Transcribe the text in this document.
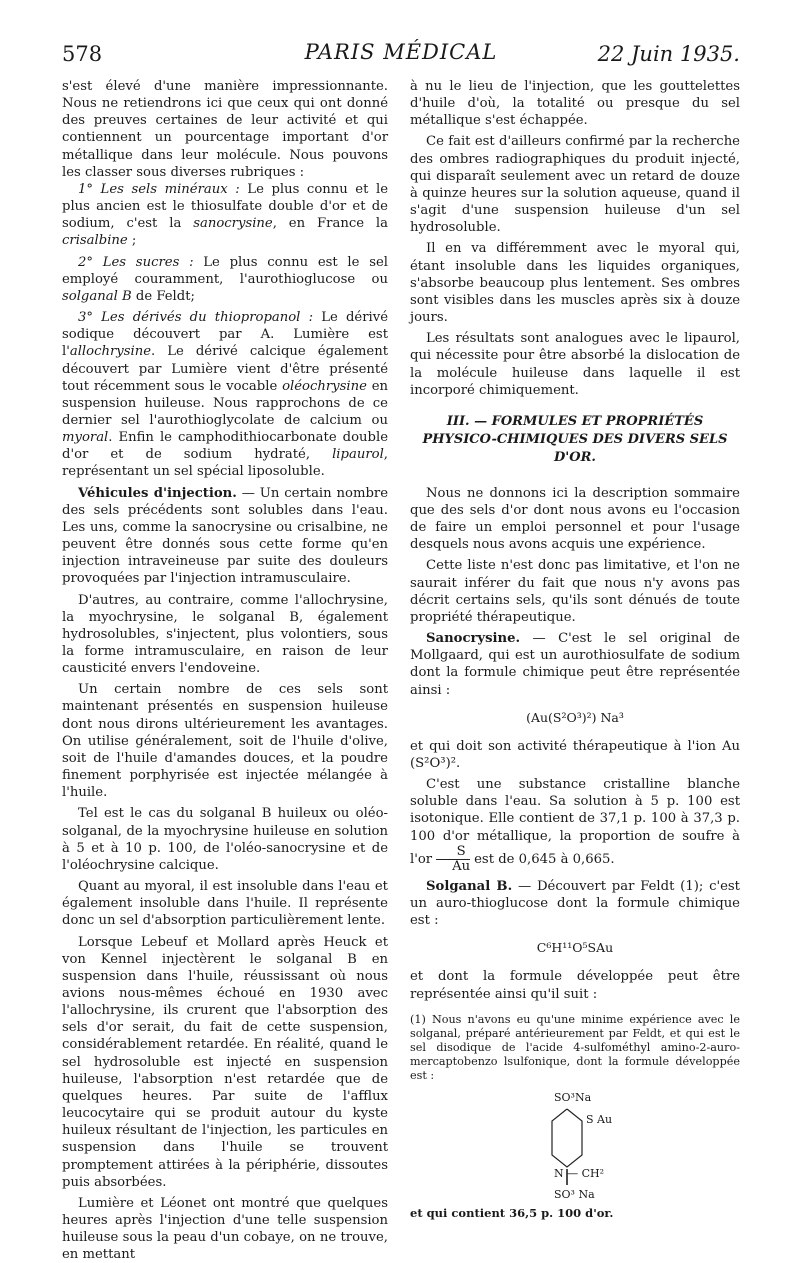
578	PARIS MÉDICAL	22 Juin 1935.

s'est élevé d'une manière impressionnante. Nous ne retiendrons ici que ceux qui ont donné des preuves certaines de leur activité et qui contiennent un pourcentage important d'or métallique dans leur molécule. Nous pouvons les classer sous diverses rubriques :

1° Les sels minéraux : Le plus connu et le plus ancien est le thiosulfate double d'or et de sodium, c'est la sanocrysine, en France la crisalbine ;

2° Les sucres : Le plus connu est le sel employé couramment, l'aurothioglucose ou solganal B de Feldt;

3° Les dérivés du thiopropanol : Le dérivé sodique découvert par A. Lumière est l'allochrysine. Le dérivé calcique également découvert par Lumière vient d'être présenté tout récemment sous le vocable oléochrysine en suspension huileuse. Nous rapprochons de ce dernier sel l'aurothioglycolate de calcium ou myoral. Enfin le camphodithiocarbonate double d'or et de sodium hydraté, lipaurol, représentant un sel spécial liposoluble.

Véhicules d'injection. — Un certain nombre des sels précédents sont solubles dans l'eau. Les uns, comme la sanocrysine ou crisalbine, ne peuvent être donnés sous cette forme qu'en injection intraveineuse par suite des douleurs provoquées par l'injection intramusculaire.

D'autres, au contraire, comme l'allochrysine, la myochrysine, le solganal B, également hydrosolubles, s'injectent, plus volontiers, sous la forme intramusculaire, en raison de leur causticité envers l'endoveine.

Un certain nombre de ces sels sont maintenant présentés en suspension huileuse dont nous dirons ultérieurement les avantages. On utilise généralement, soit de l'huile d'olive, soit de l'huile d'amandes douces, et la poudre finement porphyrisée est injectée mélangée à l'huile.

Tel est le cas du solganal B huileux ou oléo-solganal, de la myochrysine huileuse en solution à 5 et à 10 p. 100, de l'oléo-sanocrysine et de l'oléochrysine calcique.

Quant au myoral, il est insoluble dans l'eau et également insoluble dans l'huile. Il représente donc un sel d'absorption particulièrement lente.

Lorsque Lebeuf et Mollard après Heuck et von Kennel injectèrent le solganal B en suspension dans l'huile, réussissant où nous avions nous-mêmes échoué en 1930 avec l'allochrysine, ils crurent que l'absorption des sels d'or serait, du fait de cette suspension, considérablement retardée. En réalité, quand le sel hydrosoluble est injecté en suspension huileuse, l'absorption n'est retardée que de quelques heures. Par suite de l'afflux leucocytaire qui se produit autour du kyste huileux résultant de l'injection, les particules en suspension dans l'huile se trouvent promptement attirées à la périphérie, dissoutes puis absorbées.

Lumière et Léonet ont montré que quelques heures après l'injection d'une telle suspension huileuse sous la peau d'un cobaye, on ne trouve, en mettant

à nu le lieu de l'injection, que les gouttelettes d'huile d'où, la totalité ou presque du sel métallique s'est échappée.

Ce fait est d'ailleurs confirmé par la recherche des ombres radiographiques du produit injecté, qui disparaît seulement avec un retard de douze à quinze heures sur la solution aqueuse, quand il s'agit d'une suspension huileuse d'un sel hydrosoluble.

Il en va différemment avec le myoral qui, étant insoluble dans les liquides organiques, s'absorbe beaucoup plus lentement. Ses ombres sont visibles dans les muscles après six à douze jours.

Les résultats sont analogues avec le lipaurol, qui nécessite pour être absorbé la dislocation de la molécule huileuse dans laquelle il est incorporé chimiquement.

III. — FORMULES ET PROPRIÉTÉS PHYSICO-CHIMIQUES DES DIVERS SELS D'OR.

Nous ne donnons ici la description sommaire que des sels d'or dont nous avons eu l'occasion de faire un emploi personnel et pour l'usage desquels nous avons acquis une expérience.

Cette liste n'est donc pas limitative, et l'on ne saurait inférer du fait que nous n'y avons pas décrit certains sels, qu'ils sont dénués de toute propriété thérapeutique.

Sanocrysine. — C'est le sel original de Mollgaard, qui est un aurothiosulfate de sodium dont la formule chimique peut être représentée ainsi :

(Au(S²O³)²) Na³

et qui doit son activité thérapeutique à l'ion Au (S²O³)².

C'est une substance cristalline blanche soluble dans l'eau. Sa solution à 5 p. 100 est isotonique. Elle contient de 37,1 p. 100 à 37,3 p. 100 d'or métallique, la proportion de soufre à $l'or \frac{S}{Au}$ est de 0,645 à 0,665.

Solganal B. — Découvert par Feldt (1); c'est un auro-thioglucose dont la formule chimique est :

C⁶H¹¹O⁵SAu

et dont la formule développée peut être représentée ainsi qu'il suit :

(1) Nous n'avons eu qu'une minime expérience avec le solganal, préparé antérieurement par Feldt, et qui est le sel disodique de l'acide 4-sulfométhyl amino-2-auro-mercaptobenzo lsulfonique, dont la formule développée est :
SO³Na
S Au
N — CH²
SO³ Na
et qui contient 36,5 p. 100 d'or.
